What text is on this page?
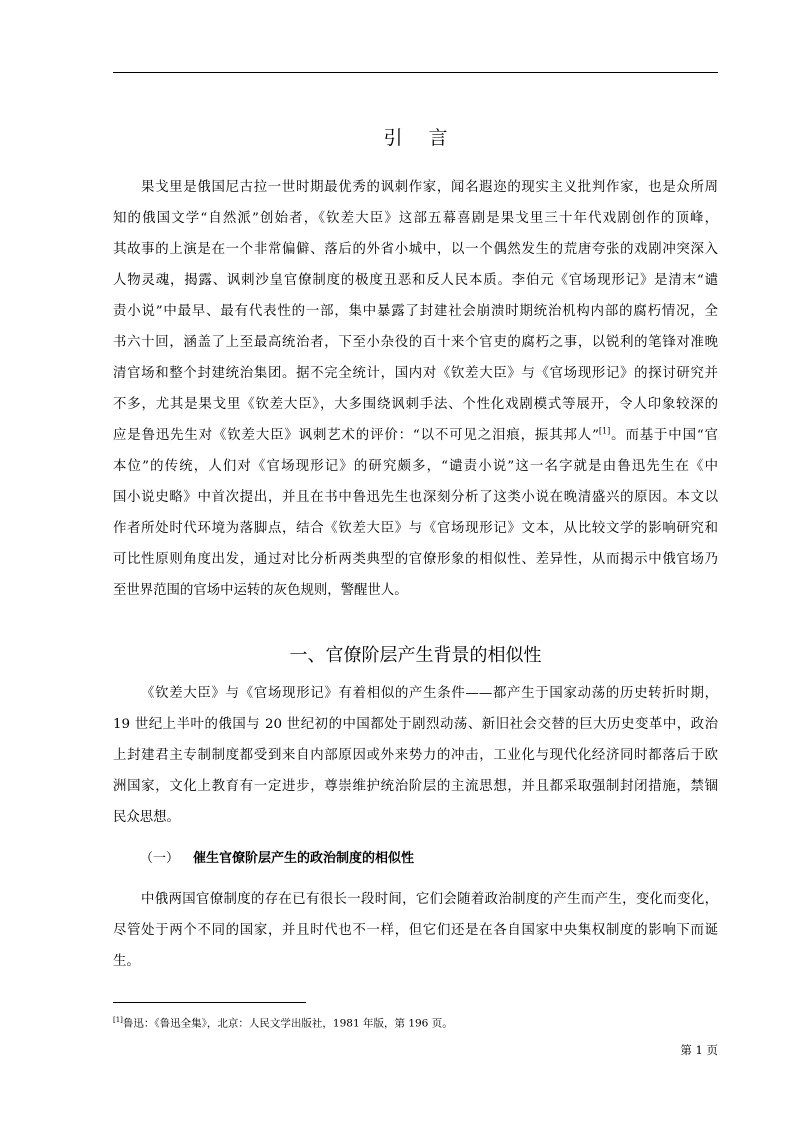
引言
果戈里是俄国尼古拉一世时期最优秀的讽刺作家，闻名遐迩的现实主义批判作家，也是众所周
知的俄国文学“自然派”创始者，《钦差大臣》这部五幕喜剧是果戈里三十年代戏剧创作的顶峰，
其故事的上演是在一个非常偏僻、落后的外省小城中，以一个偶然发生的荒唐夸张的戏剧冲突深入
人物灵魂，揭露、讽刺沙皇官僚制度的极度丑恶和反人民本质。李伯元《官场现形记》是清末“谴
责小说”中最早、最有代表性的一部，集中暴露了封建社会崩溃时期统治机构内部的腐朽情况，全
书六十回，涵盖了上至最高统治者，下至小杂役的百十来个官吏的腐朽之事，以锐利的笔锋对准晚
清官场和整个封建统治集团。据不完全统计，国内对《钦差大臣》与《官场现形记》的探讨研究并
不多，尤其是果戈里《钦差大臣》，大多围绕讽刺手法、个性化戏剧模式等展开，令人印象较深的
应是鲁迅先生对《钦差大臣》讽刺艺术的评价：“以不可见之泪痕，振其邦人”[1]。而基于中国“官
本位”的传统，人们对《官场现形记》的研究颇多，“谴责小说”这一名字就是由鲁迅先生在《中
国小说史略》中首次提出，并且在书中鲁迅先生也深刻分析了这类小说在晚清盛兴的原因。本文以
作者所处时代环境为落脚点，结合《钦差大臣》与《官场现形记》文本，从比较文学的影响研究和
可比性原则角度出发，通过对比分析两类典型的官僚形象的相似性、差异性，从而揭示中俄官场乃
至世界范围的官场中运转的灰色规则，警醒世人。
一、官僚阶层产生背景的相似性
《钦差大臣》与《官场现形记》有着相似的产生条件——都产生于国家动荡的历史转折时期，
19 世纪上半叶的俄国与 20 世纪初的中国都处于剧烈动荡、新旧社会交替的巨大历史变革中，政治
上封建君主专制制度都受到来自内部原因或外来势力的冲击，工业化与现代化经济同时都落后于欧
洲国家，文化上教育有一定进步，尊崇维护统治阶层的主流思想，并且都采取强制封闭措施，禁锢
民众思想。
（一） 催生官僚阶层产生的政治制度的相似性
中俄两国官僚制度的存在已有很长一段时间，它们会随着政治制度的产生而产生，变化而变化，
尽管处于两个不同的国家，并且时代也不一样，但它们还是在各自国家中央集权制度的影响下而诞
生。
[1]鲁迅：《鲁迅全集》，北京：人民文学出版社，1981 年版，第 196 页。
第 1 页
